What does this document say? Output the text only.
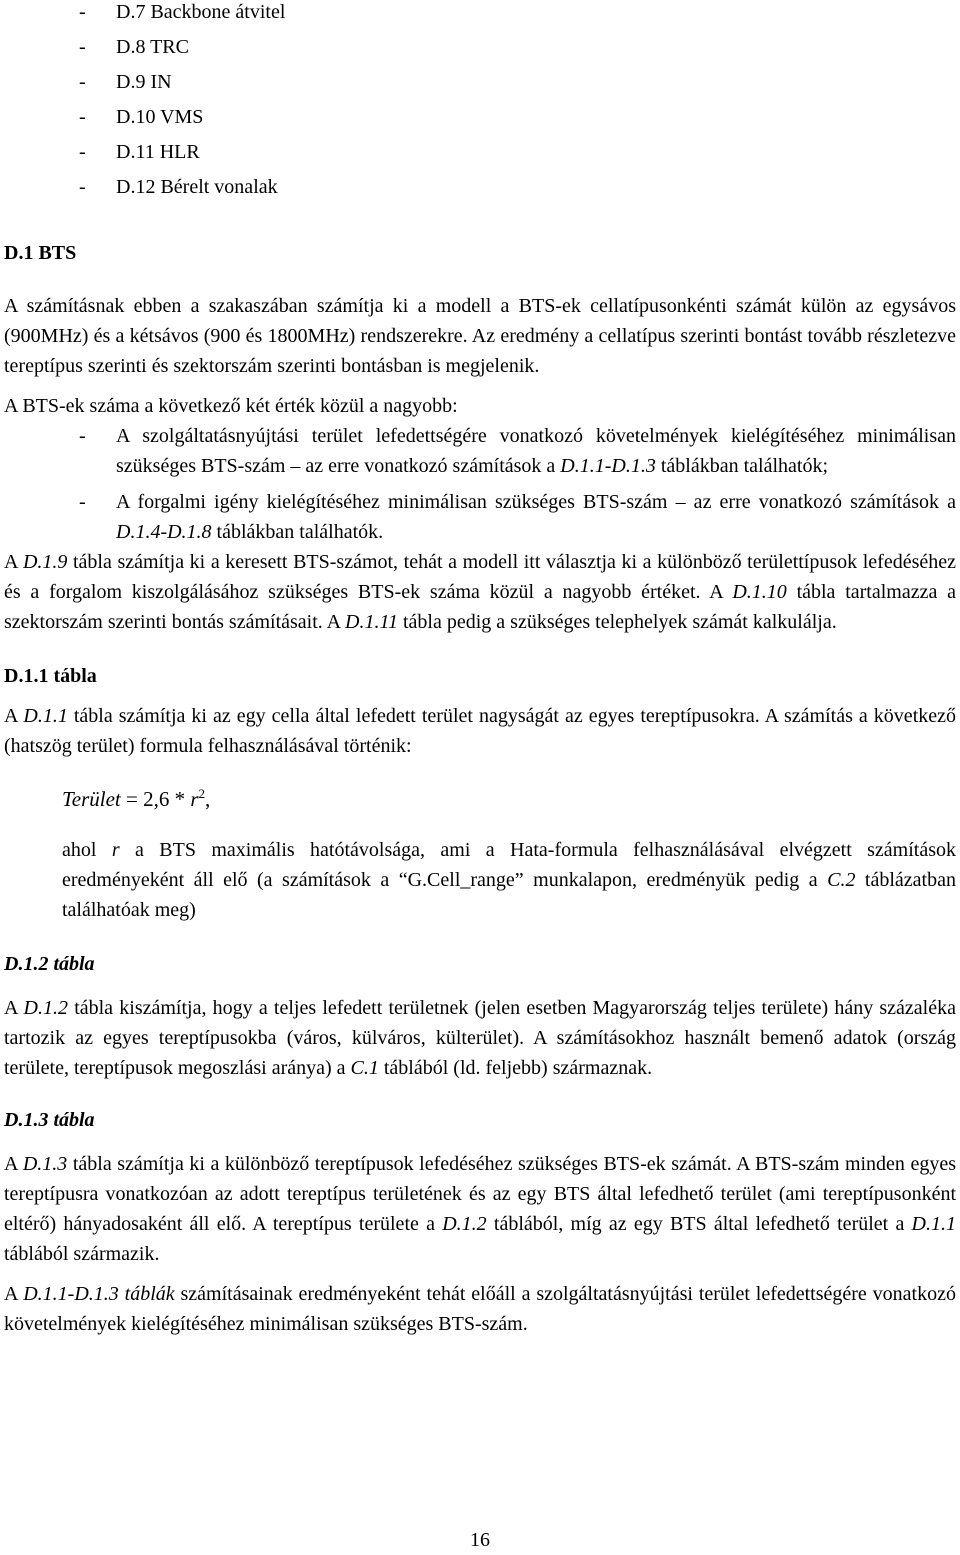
- D.7 Backbone átvitel
- D.8 TRC
- D.9 IN
- D.10 VMS
- D.11 HLR
- D.12 Bérelt vonalak
D.1 BTS

A számításnak ebben a szakaszában számítja ki a modell a BTS-ek cellatípusonkénti számát külön az egysávos (900MHz) és a kétsávos (900 és 1800MHz) rendszerekre. Az eredmény a cellatípus szerinti bontást tovább részletezve tereptípus szerinti és szektorszám szerinti bontásban is megjelenik.

A BTS-ek száma a következő két érték közül a nagyobb:

- A szolgáltatásnyújtási terület lefedettségére vonatkozó követelmények kielégítéséhez minimálisan szükséges BTS-szám – az erre vonatkozó számítások a D.1.1-D.1.3 táblákban találhatók;

- A forgalmi igény kielégítéséhez minimálisan szükséges BTS-szám – az erre vonatkozó számítások a D.1.4-D.1.8 táblákban találhatók.

A D.1.9 tábla számítja ki a keresett BTS-számot, tehát a modell itt választja ki a különböző területtípusok lefedéséhez és a forgalom kiszolgálásához szükséges BTS-ek száma közül a nagyobb értéket. A D.1.10 tábla tartalmazza a szektorszám szerinti bontás számításait. A D.1.11 tábla pedig a szükséges telephelyek számát kalkulálja.

D.1.1 tábla

A D.1.1 tábla számítja ki az egy cella által lefedett terület nagyságát az egyes tereptípusokra. A számítás a következő (hatszög terület) formula felhasználásával történik:

Terület = $2,6 * r^2$,

ahol r a BTS maximális hatótávolsága, ami a Hata-formula felhasználásával elvégzett számítások eredményeként áll elő (a számítások a “G.Cell_range” munkalapon, eredményük pedig a C.2 táblázatban találhatóak meg)

D.1.2 tábla

A D.1.2 tábla kiszámítja, hogy a teljes lefedett területnek (jelen esetben Magyarország teljes területe) hány százaléka tartozik az egyes tereptípusokba (város, külváros, külterület). A számításokhoz használt bemenő adatok (ország területe, tereptípusok megoszlási aránya) a C.1 táblából (ld. feljebb) származnak.

D.1.3 tábla

A D.1.3 tábla számítja ki a különböző tereptípusok lefedéséhez szükséges BTS-ek számát. A BTS-szám minden egyes tereptípusra vonatkozóan az adott tereptípus területének és az egy BTS által lefedhető terület (ami tereptípusonként eltérő) hányadosaként áll elő. A tereptípus területe a D.1.2 táblából, míg az egy BTS által lefedhető terület a D.1.1 táblából származik.

A D.1.1-D.1.3 táblák számításainak eredményeként tehát előáll a szolgáltatásnyújtási terület lefedettségére vonatkozó követelmények kielégítéséhez minimálisan szükséges BTS-szám.

16
